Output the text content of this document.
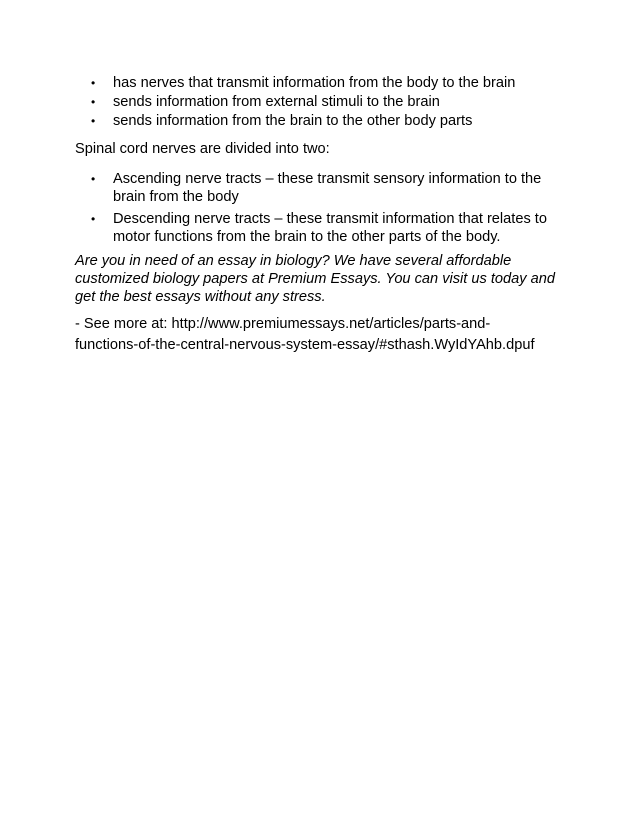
• has nerves that transmit information from the body to the brain
• sends information from external stimuli to the brain
• sends information from the brain to the other body parts

Spinal cord nerves are divided into two:

• Ascending nerve tracts – these transmit sensory information to the brain from the body
• Descending nerve tracts – these transmit information that relates to motor functions from the brain to the other parts of the body.

Are you in need of an essay in biology? We have several affordable customized biology papers at Premium Essays. You can visit us today and get the best essays without any stress.

- See more at: http://www.premiumessays.net/articles/parts-and-
functions-of-the-central-nervous-system-essay/#sthash.WyIdYAhb.dpuf
